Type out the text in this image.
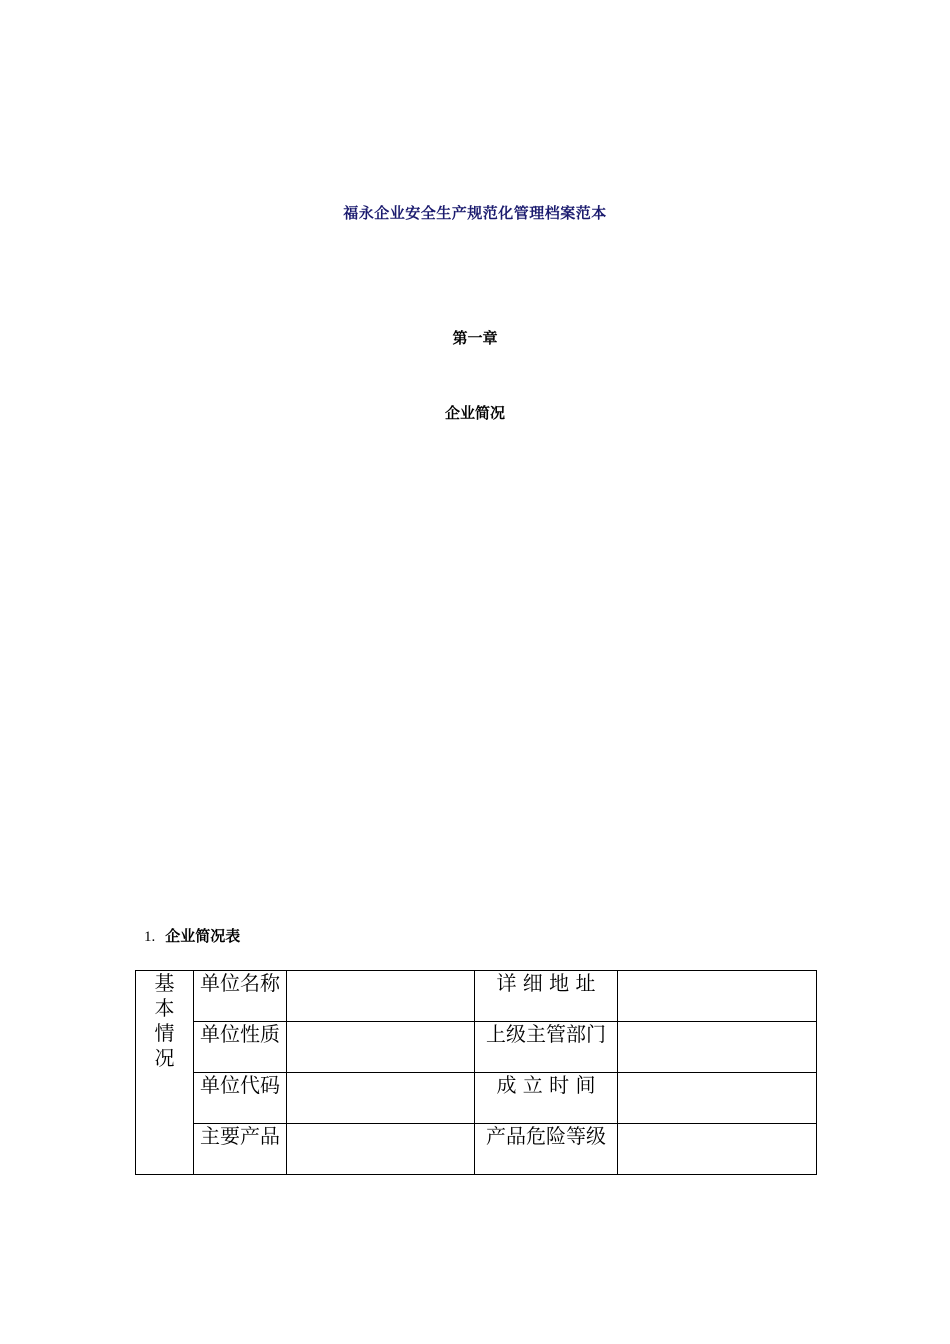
福永企业安全生产规范化管理档案范本
第一章
企业简况
1. 企业简况表
基
本
情
况	单位名称		详 细 地 址	
	单位性质		上级主管部门	
	单位代码		成 立 时 间	
	主要产品		产品危险等级	
